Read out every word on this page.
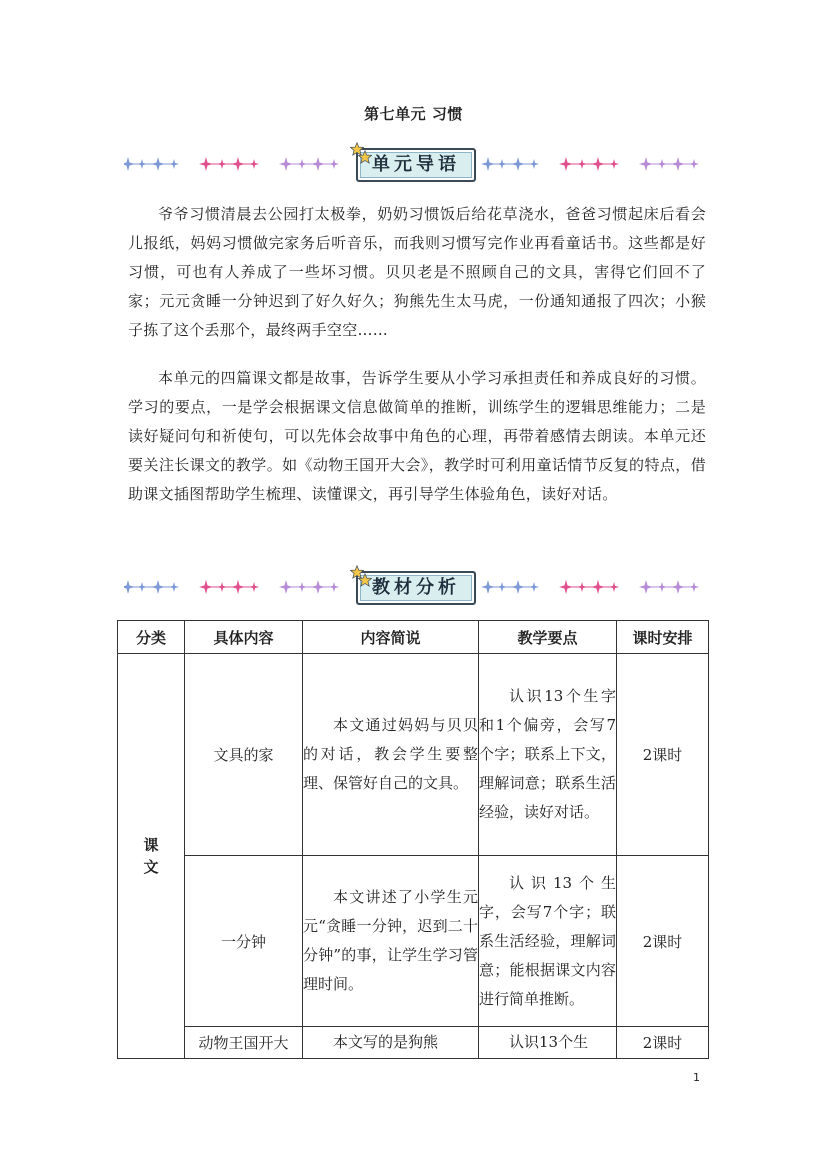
第七单元 习惯
单元导语

爷爷习惯清晨去公园打太极拳，奶奶习惯饭后给花草浇水，爸爸习惯起床后看会儿报纸，妈妈习惯做完家务后听音乐，而我则习惯写完作业再看童话书。这些都是好习惯，可也有人养成了一些坏习惯。贝贝老是不照顾自己的文具，害得它们回不了家；元元贪睡一分钟迟到了好久好久；狗熊先生太马虎，一份通知通报了四次；小猴子拣了这个丢那个，最终两手空空……

本单元的四篇课文都是故事，告诉学生要从小学习承担责任和养成良好的习惯。学习的要点，一是学会根据课文信息做简单的推断，训练学生的逻辑思维能力；二是读好疑问句和祈使句，可以先体会故事中角色的心理，再带着感情去朗读。本单元还要关注长课文的教学。如《动物王国开大会》，教学时可利用童话情节反复的特点，借助课文插图帮助学生梳理、读懂课文，再引导学生体验角色，读好对话。

教材分析
分类	具体内容	内容简说	教学要点	课时安排

课文	文具的家	本文通过妈妈与贝贝的对话，教会学生要整理、保管好自己的文具。	认识13个生字和1个偏旁，会写7个字；联系上下文，理解词意；联系生活经验，读好对话。	2课时
	一分钟	本文讲述了小学生元元“贪睡一分钟，迟到二十分钟”的事，让学生学习管理时间。	认识13个生字，会写7个字；联系生活经验，理解词意；能根据课文内容进行简单推断。	2课时
	动物王国开大	本文写的是狗熊	认识13个生	2课时
1
